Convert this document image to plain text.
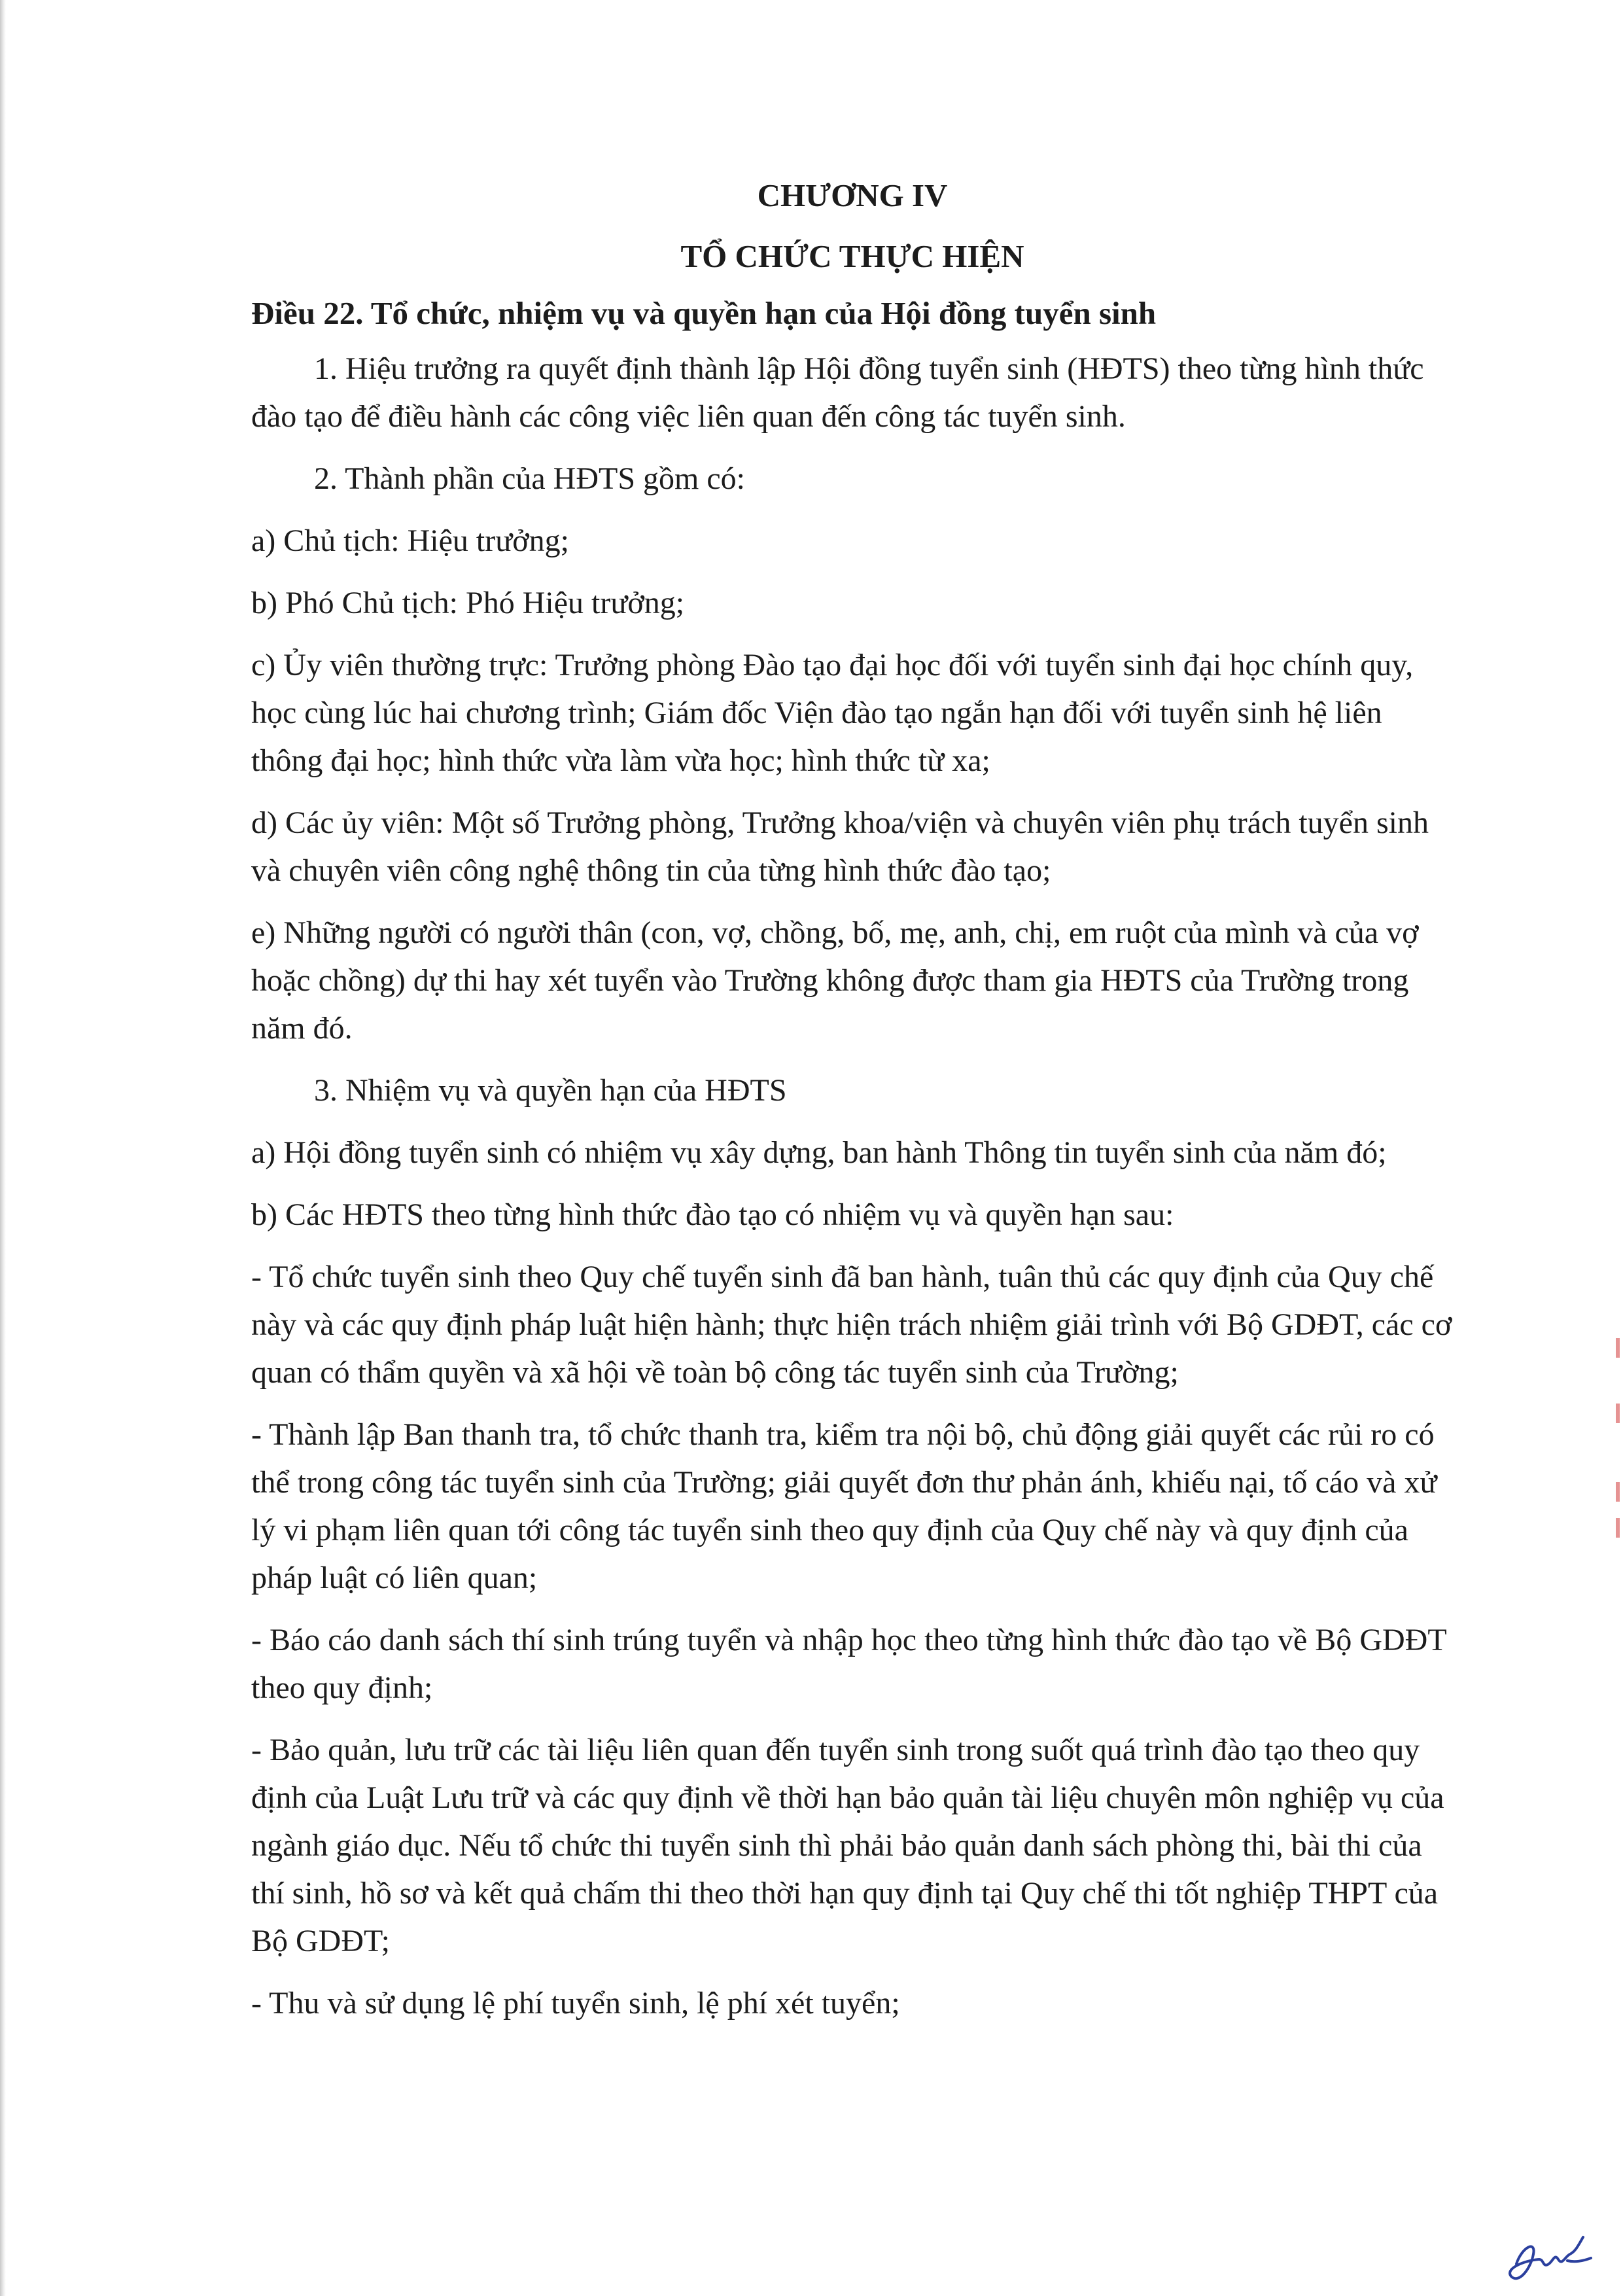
CHƯƠNG IV
TỔ CHỨC THỰC HIỆN
Điều 22. Tổ chức, nhiệm vụ và quyền hạn của Hội đồng tuyển sinh

1. Hiệu trưởng ra quyết định thành lập Hội đồng tuyển sinh (HĐTS) theo từng hình thức đào tạo để điều hành các công việc liên quan đến công tác tuyển sinh.

2. Thành phần của HĐTS gồm có:

a) Chủ tịch: Hiệu trưởng;

b) Phó Chủ tịch: Phó Hiệu trưởng;

c) Ủy viên thường trực: Trưởng phòng Đào tạo đại học đối với tuyển sinh đại học chính quy, học cùng lúc hai chương trình; Giám đốc Viện đào tạo ngắn hạn đối với tuyển sinh hệ liên thông đại học; hình thức vừa làm vừa học; hình thức từ xa;

d) Các ủy viên: Một số Trưởng phòng, Trưởng khoa/viện và chuyên viên phụ trách tuyển sinh và chuyên viên công nghệ thông tin của từng hình thức đào tạo;

e) Những người có người thân (con, vợ, chồng, bố, mẹ, anh, chị, em ruột của mình và của vợ hoặc chồng) dự thi hay xét tuyển vào Trường không được tham gia HĐTS của Trường trong năm đó.

3. Nhiệm vụ và quyền hạn của HĐTS

a) Hội đồng tuyển sinh có nhiệm vụ xây dựng, ban hành Thông tin tuyển sinh của năm đó;

b) Các HĐTS theo từng hình thức đào tạo có nhiệm vụ và quyền hạn sau:

- Tổ chức tuyển sinh theo Quy chế tuyển sinh đã ban hành, tuân thủ các quy định của Quy chế này và các quy định pháp luật hiện hành; thực hiện trách nhiệm giải trình với Bộ GDĐT, các cơ quan có thẩm quyền và xã hội về toàn bộ công tác tuyển sinh của Trường;

- Thành lập Ban thanh tra, tổ chức thanh tra, kiểm tra nội bộ, chủ động giải quyết các rủi ro có thể trong công tác tuyển sinh của Trường; giải quyết đơn thư phản ánh, khiếu nại, tố cáo và xử lý vi phạm liên quan tới công tác tuyển sinh theo quy định của Quy chế này và quy định của pháp luật có liên quan;

- Báo cáo danh sách thí sinh trúng tuyển và nhập học theo từng hình thức đào tạo về Bộ GDĐT theo quy định;

- Bảo quản, lưu trữ các tài liệu liên quan đến tuyển sinh trong suốt quá trình đào tạo theo quy định của Luật Lưu trữ và các quy định về thời hạn bảo quản tài liệu chuyên môn nghiệp vụ của ngành giáo dục. Nếu tổ chức thi tuyển sinh thì phải bảo quản danh sách phòng thi, bài thi của thí sinh, hồ sơ và kết quả chấm thi theo thời hạn quy định tại Quy chế thi tốt nghiệp THPT của Bộ GDĐT;

- Thu và sử dụng lệ phí tuyển sinh, lệ phí xét tuyển;
